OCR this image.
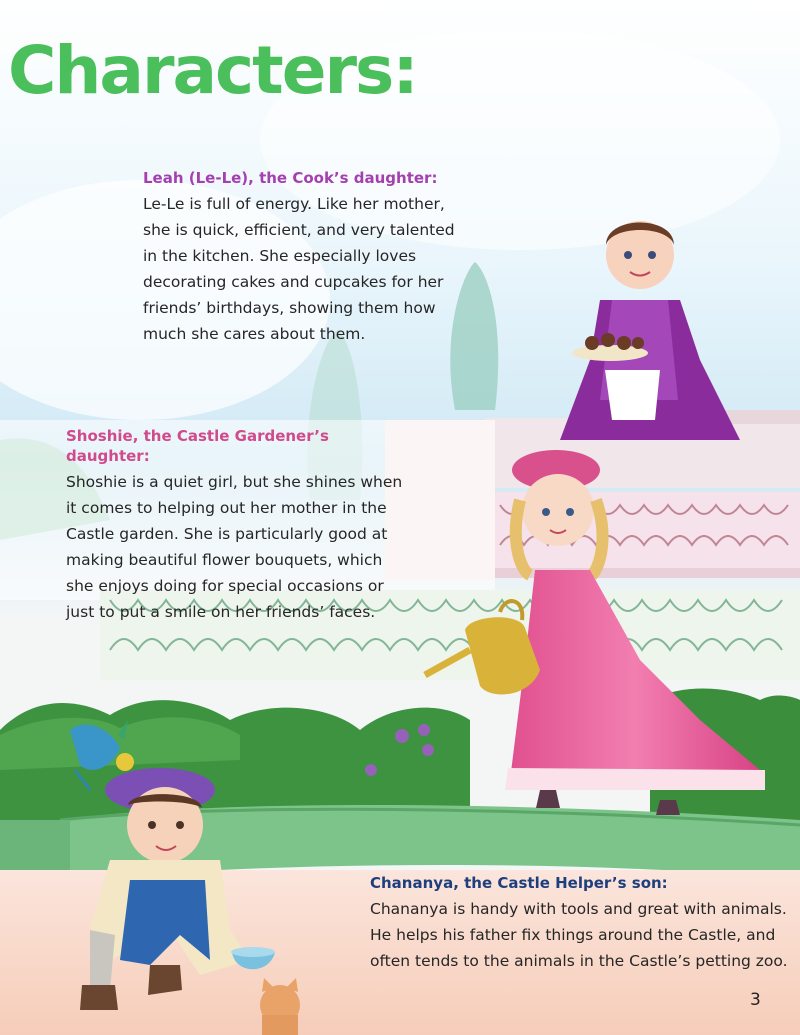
Characters:
Leah (Le-Le), the Cook’s daughter:

Le-Le is full of energy. Like her mother, she is quick, efficient, and very talented in the kitchen. She especially loves decorating cakes and cupcakes for her friends’ birthdays, showing them how much she cares about them.

Shoshie, the Castle Gardener’s daughter:

Shoshie is a quiet girl, but she shines when it comes to helping out her mother in the Castle garden. She is particularly good at making beautiful flower bouquets, which she enjoys doing for special occasions or just to put a smile on her friends’ faces.

Chananya, the Castle Helper’s son:

Chananya is handy with tools and great with animals. He helps his father fix things around the Castle, and often tends to the animals in the Castle’s petting zoo.

3
